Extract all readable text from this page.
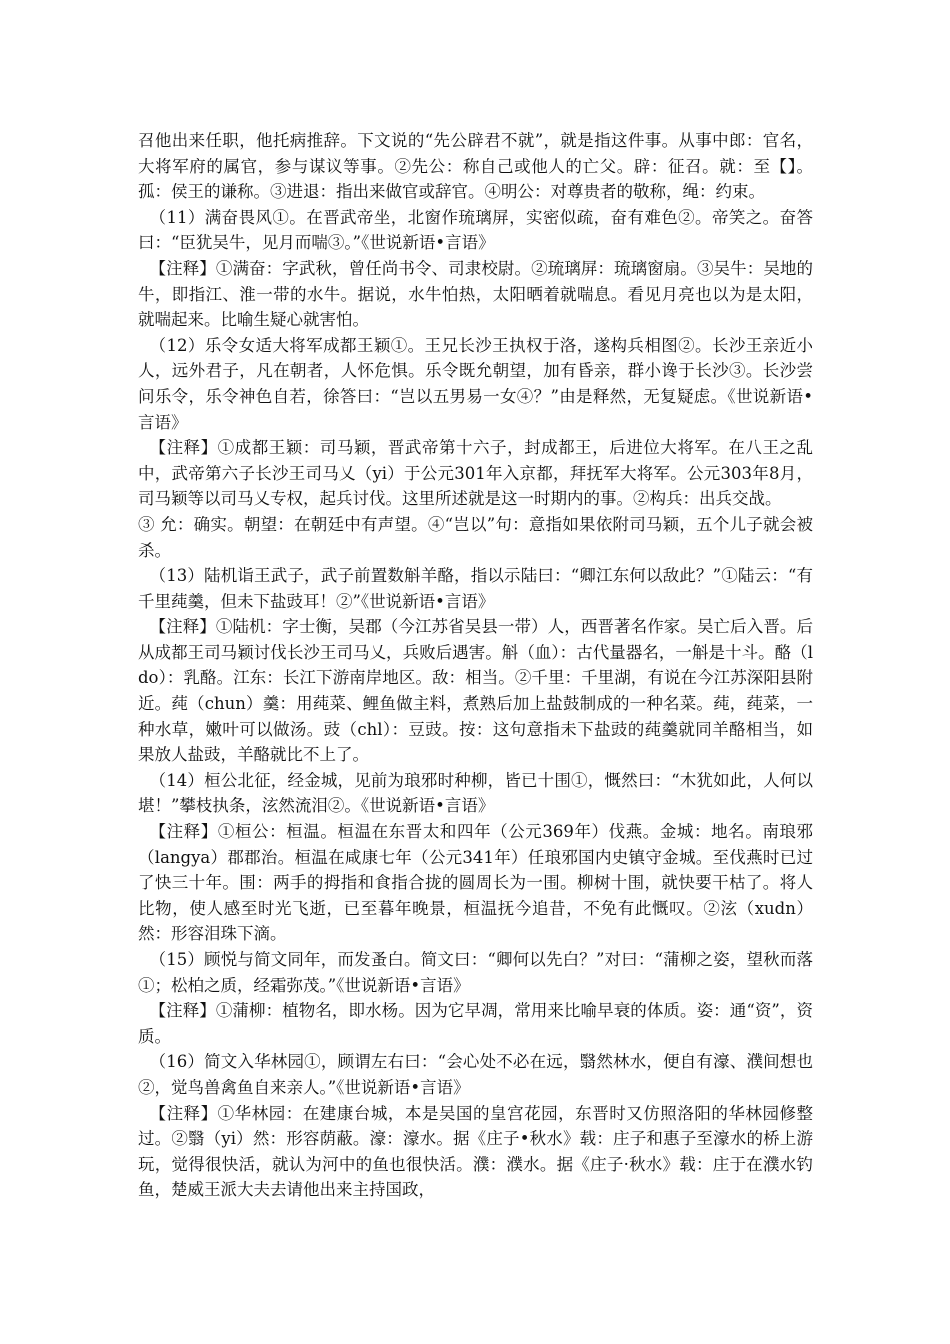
召他出来任职，他托病推辞。下文说的“先公辟君不就”，就是指这件事。从事中郎：官名，大将军府的属官，参与谋议等事。②先公：称自己或他人的亡父。辟：征召。就：至【】。孤：侯王的谦称。③进退：指出来做官或辞官。④明公：对尊贵者的敬称，绳：约束。

（11）满奋畏风①。在晋武帝坐，北窗作琉璃屏，实密似疏，奋有难色②。帝笑之。奋答曰：“臣犹吴牛，见月而喘③。”《世说新语•言语》

【注释】①满奋：字武秋，曾任尚书令、司隶校尉。②琉璃屏：琉璃窗扇。③吴牛：吴地的牛，即指江、淮一带的水牛。据说，水牛怕热，太阳晒着就喘息。看见月亮也以为是太阳，就喘起来。比喻生疑心就害怕。

（12）乐令女适大将军成都王颖①。王兄长沙王执权于洛，遂构兵相图②。长沙王亲近小人，远外君子，凡在朝者，人怀危惧。乐令既允朝望，加有昏亲，群小谗于长沙③。长沙尝问乐令，乐令神色自若，徐答曰：“岂以五男易一女④？”由是释然，无复疑虑。《世说新语•言语》

【注释】①成都王颖：司马颖，晋武帝第十六子，封成都王，后进位大将军。在八王之乱中，武帝第六子长沙王司马乂（yi）于公元301年入京都，拜抚军大将军。公元303年8月，司马颖等以司马乂专权，起兵讨伐。这里所述就是这一时期内的事。②构兵：出兵交战。

③ 允：确实。朝望：在朝廷中有声望。④“岂以”句：意指如果依附司马颖，五个儿子就会被杀。

（13）陆机诣王武子，武子前置数斛羊酪，指以示陆曰：“卿江东何以敌此？”①陆云：“有千里莼羹，但未下盐豉耳！②”《世说新语•言语》

【注释】①陆机：字士衡，吴郡（今江苏省吴县一带）人，西晋著名作家。吴亡后入晋。后从成都王司马颖讨伐长沙王司马乂，兵败后遇害。斛（血）：古代量器名，一斛是十斗。酪（ldo）：乳酪。江东：长江下游南岸地区。敌：相当。②千里：千里湖，有说在今江苏深阳县附近。莼（chun）羹：用莼菜、鲤鱼做主料，煮熟后加上盐鼓制成的一种名菜。莼，莼菜，一种水草，嫩叶可以做汤。豉（chl）：豆豉。按：这句意指未下盐豉的莼羹就同羊酪相当，如果放人盐豉，羊酪就比不上了。

（14）桓公北征，经金城，见前为琅邪时种柳，皆已十围①，慨然曰：“木犹如此，人何以堪！”攀枝执条，泫然流泪②。《世说新语•言语》

【注释】①桓公：桓温。桓温在东晋太和四年（公元369年）伐燕。金城：地名。南琅邪（langya）郡郡治。桓温在咸康七年（公元341年）任琅邪国内史镇守金城。至伐燕时已过了快三十年。围：两手的拇指和食指合拢的圆周长为一围。柳树十围，就快要干枯了。将人比物，使人感至时光飞逝，已至暮年晚景，桓温抚今追昔，不免有此慨叹。②泫（xudn）然：形容泪珠下滴。

（15）顾悦与简文同年，而发蚤白。简文曰：“卿何以先白？”对曰：“蒲柳之姿，望秋而落①；松柏之质，经霜弥茂。”《世说新语•言语》

【注释】①蒲柳：植物名，即水杨。因为它早凋，常用来比喻早衰的体质。姿：通“资”，资质。

（16）简文入华林园①，顾谓左右曰：“会心处不必在远，翳然林水，便自有濠、濮间想也②，觉鸟兽禽鱼自来亲人。”《世说新语•言语》

【注释】①华林园：在建康台城，本是吴国的皇宫花园，东晋时又仿照洛阳的华林园修整过。②翳（yi）然：形容荫蔽。濠：濠水。据《庄子•秋水》载：庄子和惠子至濠水的桥上游玩，觉得很快活，就认为河中的鱼也很快活。濮：濮水。据《庄子·秋水》载：庄于在濮水钓鱼，楚威王派大夫去请他出来主持国政，
